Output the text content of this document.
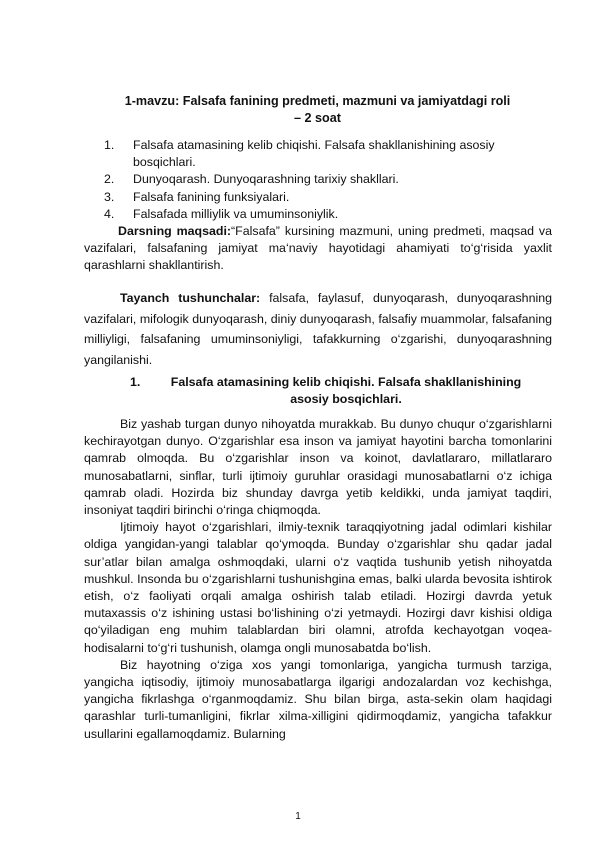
1-mavzu: Falsafa fanining predmeti, mazmuni va jamiyatdagi roli
– 2 soat
1. Falsafa atamasining kelib chiqishi. Falsafa shakllanishining asosiy bosqichlari.
2. Dunyoqarash. Dunyoqarashning tarixiy shakllari.
3. Falsafa fanining funksiyalari.
4. Falsafada milliylik va umuminsoniylik.

Darsning maqsadi:“Falsafa” kursining mazmuni, uning predmeti, maqsad va vazifalari, falsafaning jamiyat ma‘naviy hayotidagi ahamiyati to‘g‘risida yaxlit qarashlarni shakllantirish.

Tayanch tushunchalar: falsafa, faylasuf, dunyoqarash, dunyoqarashning vazifalari, mifologik dunyoqarash, diniy dunyoqarash, falsafiy muammolar, falsafaning milliyligi, falsafaning umuminsoniyligi, tafakkurning o‘zgarishi, dunyoqarashning yangilanishi.

1.	Falsafa atamasining kelib chiqishi. Falsafa shakllanishining
asosiy bosqichlari.

Biz yashab turgan dunyo nihoyatda murakkab. Bu dunyo chuqur o‘zgarishlarni kechirayotgan dunyo. O‘zgarishlar esa inson va jamiyat hayotini barcha tomonlarini qamrab olmoqda. Bu o‘zgarishlar inson va koinot, davlatlararo, millatlararo munosabatlarni, sinflar, turli ijtimoiy guruhlar orasidagi munosabatlarni o‘z ichiga qamrab oladi. Hozirda biz shunday davrga yetib keldikki, unda jamiyat taqdiri, insoniyat taqdiri birinchi o‘ringa chiqmoqda.

Ijtimoiy hayot o‘zgarishlari, ilmiy-texnik taraqqiyotning jadal odimlari kishilar oldiga yangidan-yangi talablar qo‘ymoqda. Bunday o‘zgarishlar shu qadar jadal sur’atlar bilan amalga oshmoqdaki, ularni o‘z vaqtida tushunib yetish nihoyatda mushkul. Insonda bu o‘zgarishlarni tushunishgina emas, balki ularda bevosita ishtirok etish, o‘z faoliyati orqali amalga oshirish talab etiladi. Hozirgi davrda yetuk mutaxassis o‘z ishining ustasi bo‘lishining o‘zi yetmaydi. Hozirgi davr kishisi oldiga qo‘yiladigan eng muhim talablardan biri olamni, atrofda kechayotgan voqea-hodisalarni to‘g‘ri tushunish, olamga ongli munosabatda bo‘lish.

Biz hayotning o‘ziga xos yangi tomonlariga, yangicha turmush tarziga, yangicha iqtisodiy, ijtimoiy munosabatlarga ilgarigi andozalardan voz kechishga, yangicha fikrlashga o‘rganmoqdamiz. Shu bilan birga, asta-sekin olam haqidagi qarashlar turli-tumanligini, fikrlar xilma-xilligini qidirmoqdamiz, yangicha tafakkur usullarini egallamoqdamiz. Bularning

1
